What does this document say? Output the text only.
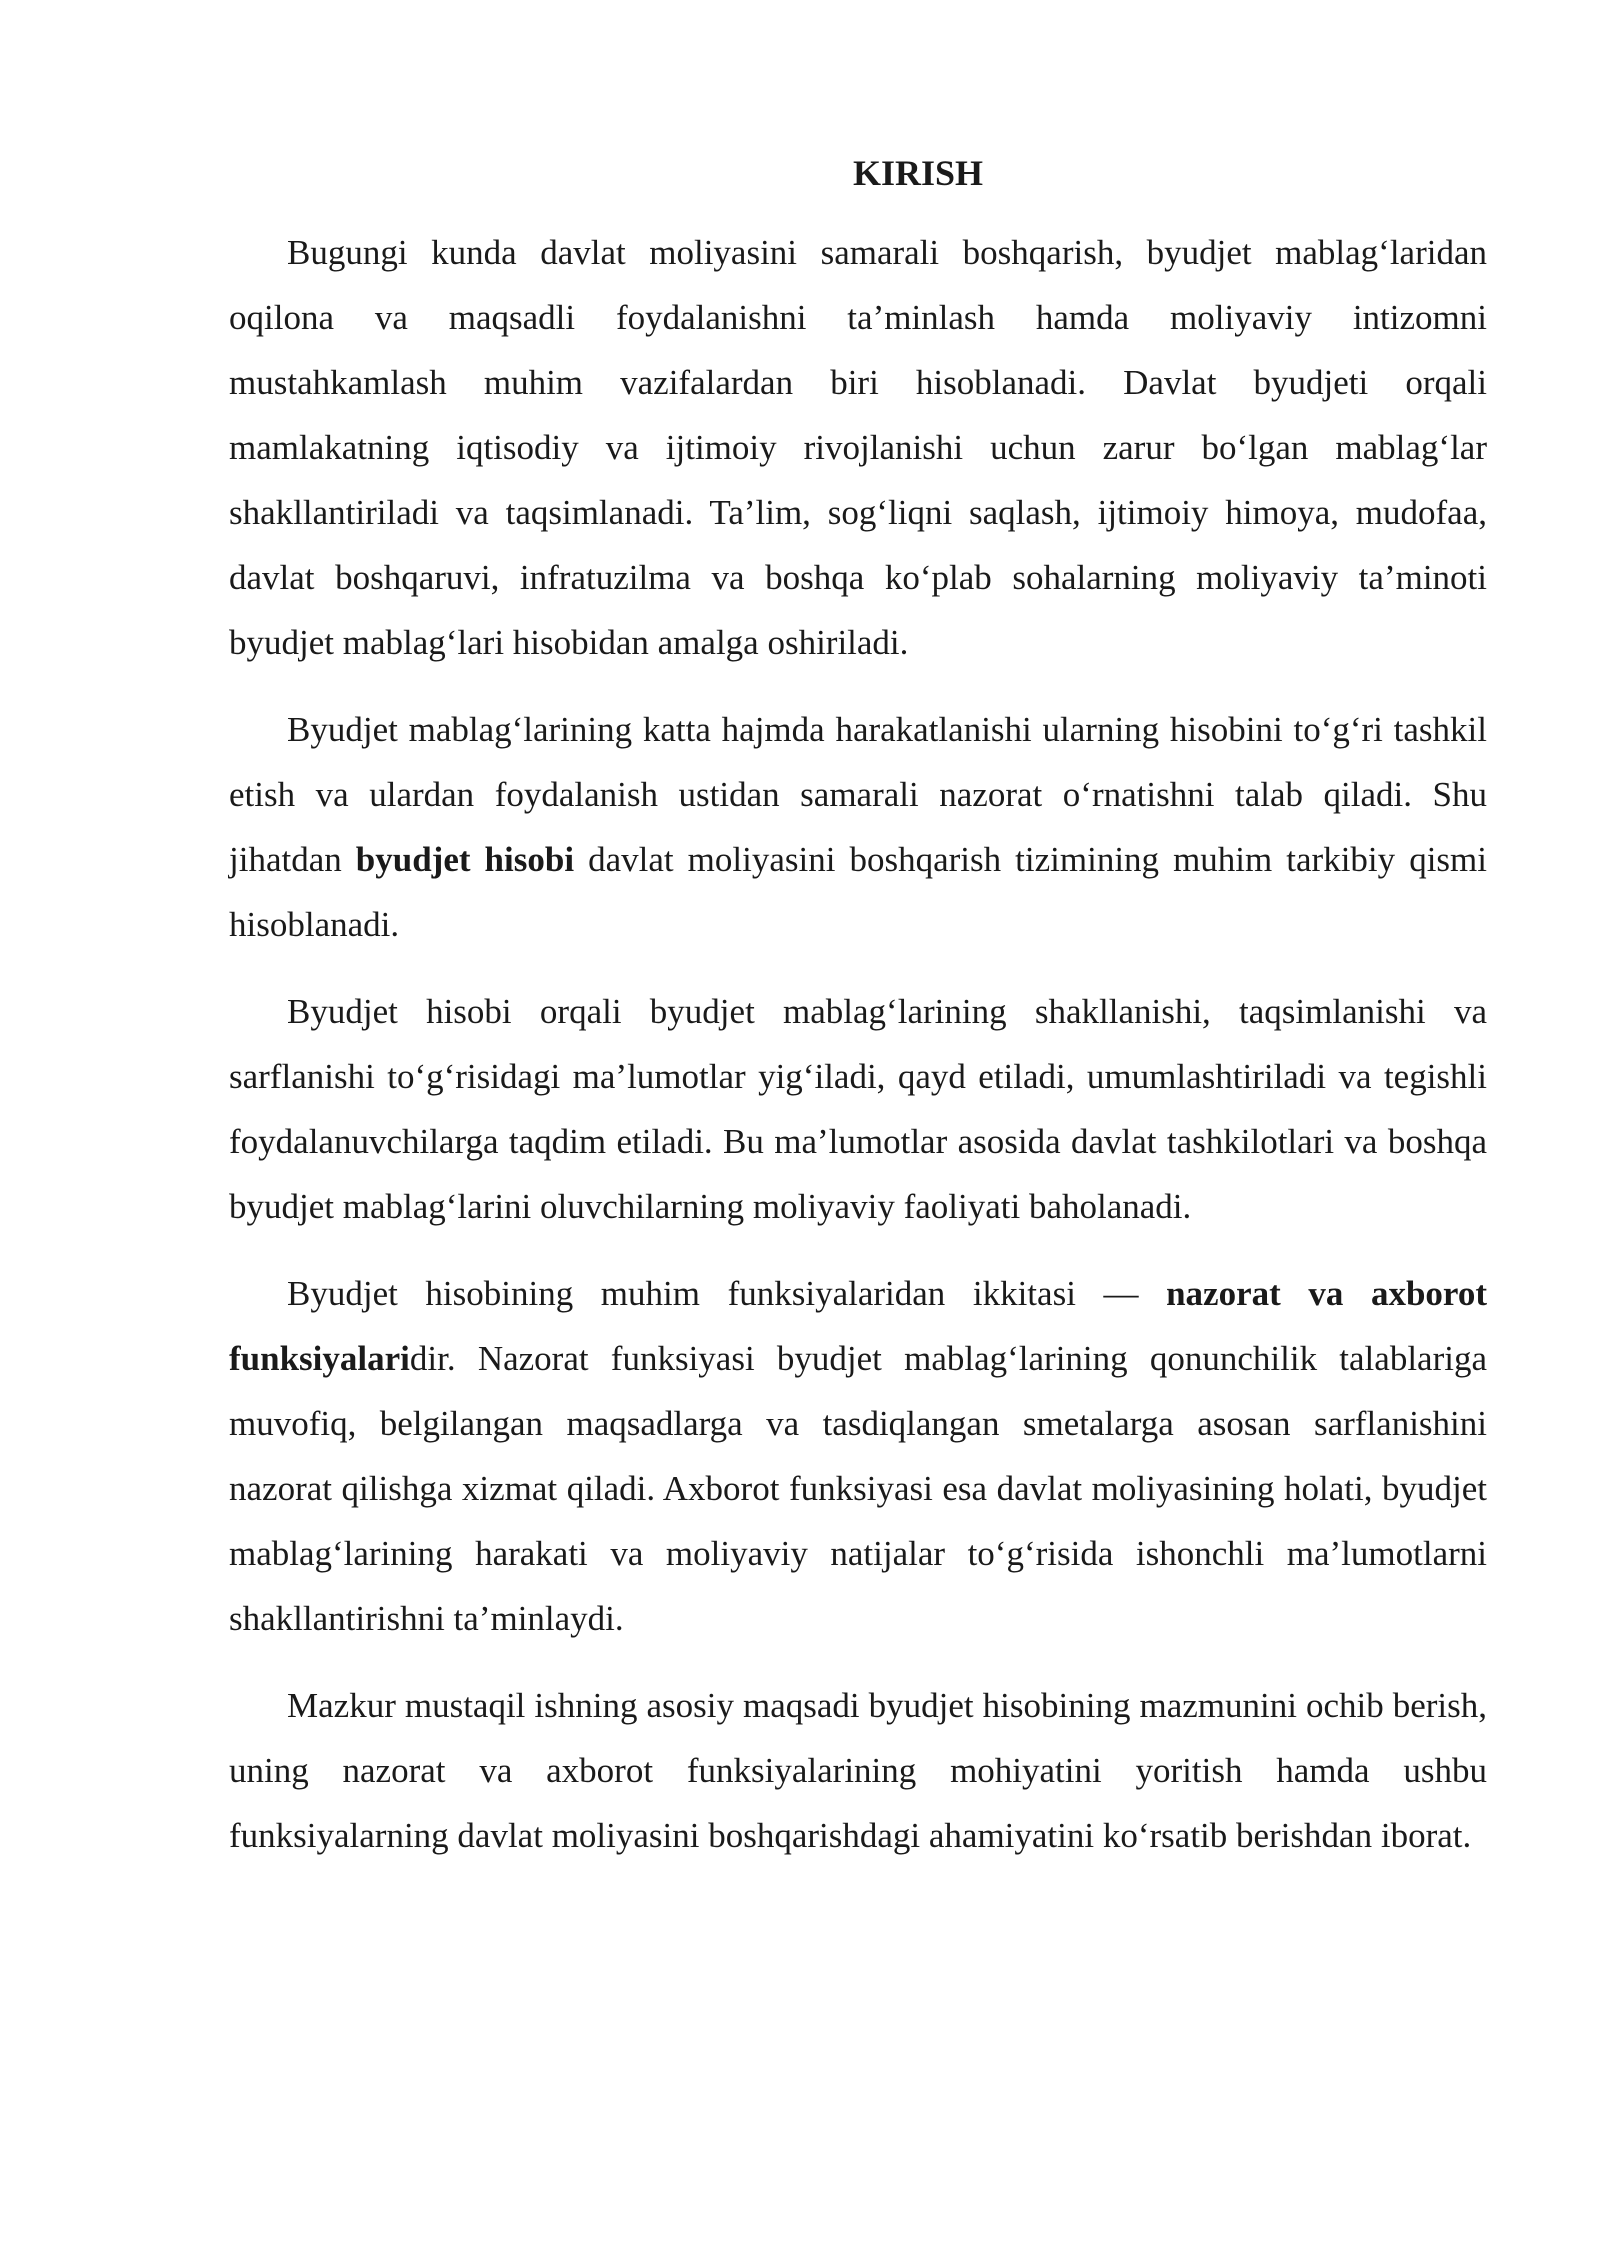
KIRISH

Bugungi kunda davlat moliyasini samarali boshqarish, byudjet mablag‘laridan oqilona va maqsadli foydalanishni ta’minlash hamda moliyaviy intizomni mustahkamlash muhim vazifalardan biri hisoblanadi. Davlat byudjeti orqali mamlakatning iqtisodiy va ijtimoiy rivojlanishi uchun zarur bo‘lgan mablag‘lar shakllantiriladi va taqsimlanadi. Ta’lim, sog‘liqni saqlash, ijtimoiy himoya, mudofaa, davlat boshqaruvi, infratuzilma va boshqa ko‘plab sohalarning moliyaviy ta’minoti byudjet mablag‘lari hisobidan amalga oshiriladi.

Byudjet mablag‘larining katta hajmda harakatlanishi ularning hisobini to‘g‘ri tashkil etish va ulardan foydalanish ustidan samarali nazorat o‘rnatishni talab qiladi. Shu jihatdan byudjet hisobi davlat moliyasini boshqarish tizimining muhim tarkibiy qismi hisoblanadi.

Byudjet hisobi orqali byudjet mablag‘larining shakllanishi, taqsimlanishi va sarflanishi to‘g‘risidagi ma’lumotlar yig‘iladi, qayd etiladi, umumlashtiriladi va tegishli foydalanuvchilarga taqdim etiladi. Bu ma’lumotlar asosida davlat tashkilotlari va boshqa byudjet mablag‘larini oluvchilarning moliyaviy faoliyati baholanadi.

Byudjet hisobining muhim funksiyalaridan ikkitasi — nazorat va axborot funksiyalaridir. Nazorat funksiyasi byudjet mablag‘larining qonunchilik talablariga muvofiq, belgilangan maqsadlarga va tasdiqlangan smetalarga asosan sarflanishini nazorat qilishga xizmat qiladi. Axborot funksiyasi esa davlat moliyasining holati, byudjet mablag‘larining harakati va moliyaviy natijalar to‘g‘risida ishonchli ma’lumotlarni shakllantirishni ta’minlaydi.

Mazkur mustaqil ishning asosiy maqsadi byudjet hisobining mazmunini ochib berish, uning nazorat va axborot funksiyalarining mohiyatini yoritish hamda ushbu funksiyalarning davlat moliyasini boshqarishdagi ahamiyatini ko‘rsatib berishdan iborat.
